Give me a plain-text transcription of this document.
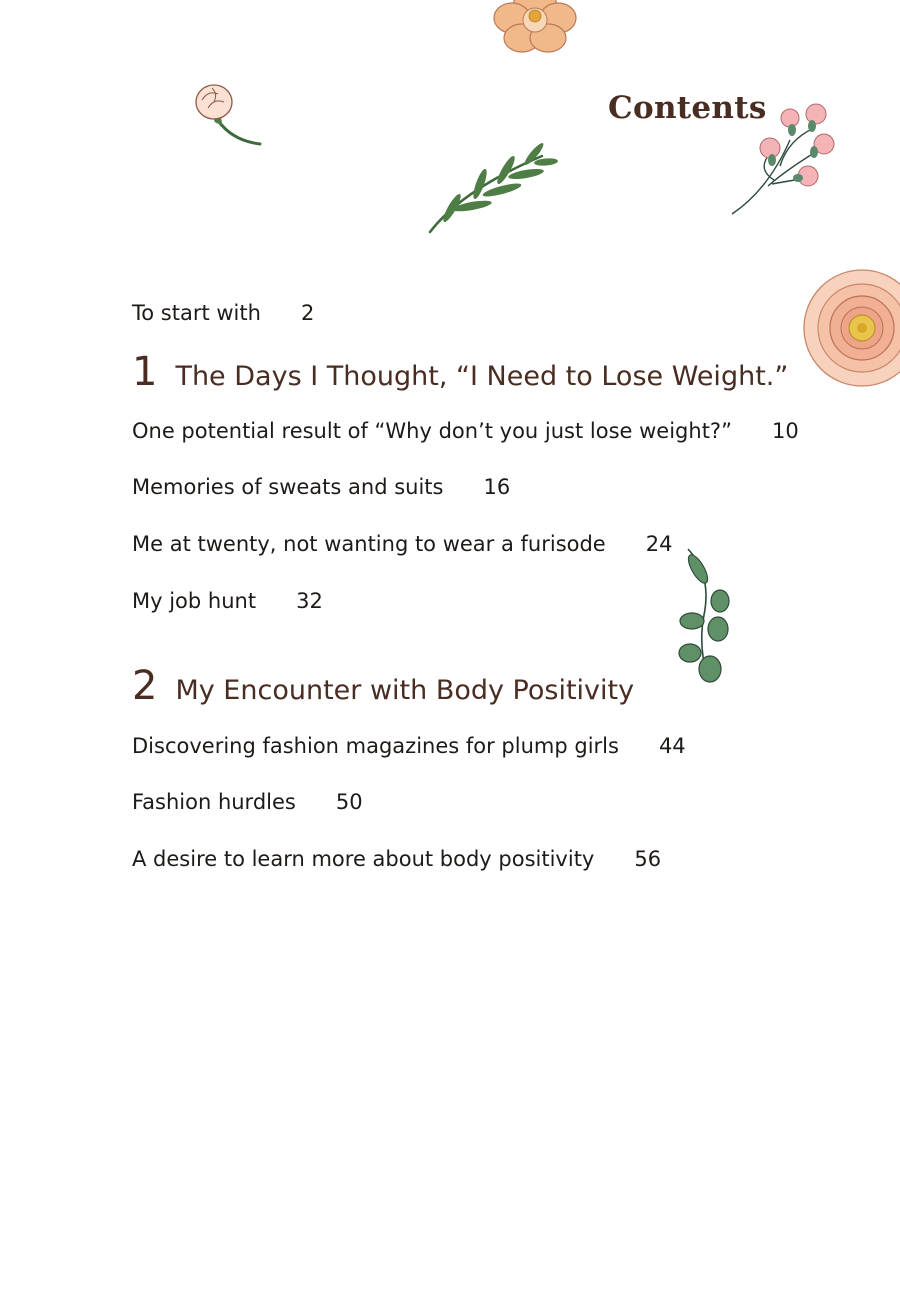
Contents
To start with 2
1 The Days I Thought, “I Need to Lose Weight.”
One potential result of “Why don’t you just lose weight?” 10
Memories of sweats and suits 16
Me at twenty, not wanting to wear a furisode 24
My job hunt 32
2 My Encounter with Body Positivity
Discovering fashion magazines for plump girls 44
Fashion hurdles 50
A desire to learn more about body positivity 56
